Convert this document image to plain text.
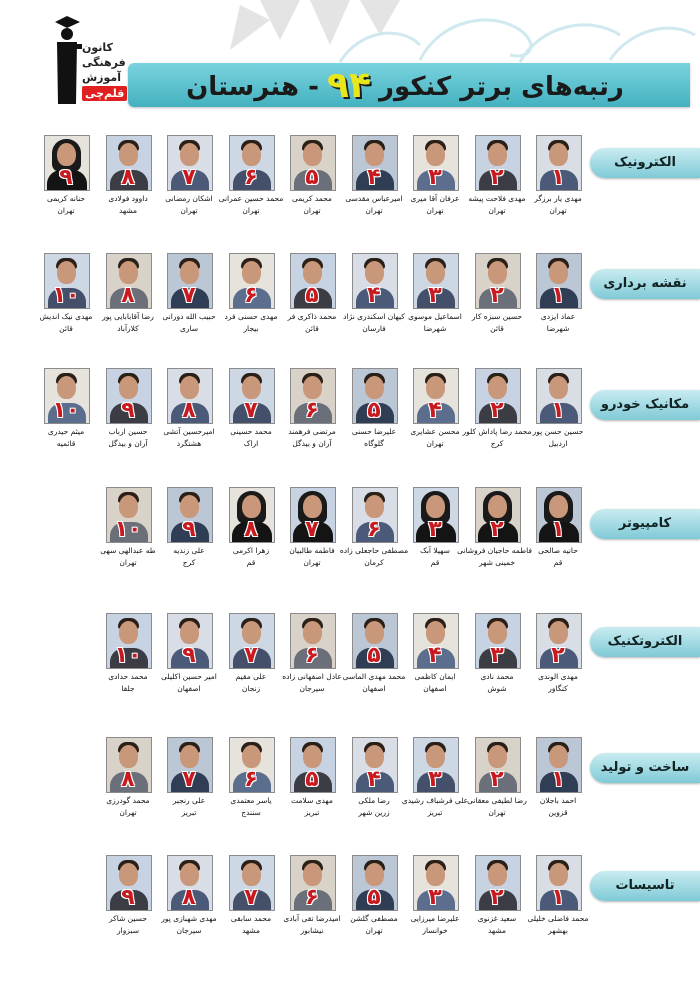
کانون
فرهنگی
آموزش
قلم‌چی	رتبه‌های برتر کنکور ۹۴ - هنرستان
الکترونیک
۱
مهدی یار برزگر
تهران
۲
مهدی فلاحت پیشه
تهران
۳
عرفان آقا میری
تهران
۴
امیرعباس مقدسی
تهران
۵
محمد کریمی
تهران
۶
محمد حسین عمرانی
تهران
۷
اشکان رمضانی
تهران
۸
داوود فولادی
مشهد
۹
حنانه کریمی
تهران
نقشه برداری
۱
عماد ایزدی
شهرضا
۲
حسین سبزه کار
قائن
۳
اسماعیل موسوی
شهرضا
۴
کیهان اسکندری نژاد
فارسان
۵
محمد ذاکری فر
قائن
۶
مهدی حسنی فرد
بیجار
۷
حبیب الله دورانی
ساری
۸
رضا آقابابایی پور
کلارآباد
۱۰
مهدی نیک اندیش
قائن
مکانیک خودرو
۱
حسین حسن پور
اردبیل
۲
محمد رضا پاداش کلور
کرج
۴
محسن عشایری
تهران
۵
علیرضا حسنی
گلوگاه
۶
مرتضی فرهمند
آران و بیدگل
۷
محمد حسینی
اراک
۸
امیرحسین آتشی
هشتگرد
۹
حسین ارباب
آران و بیدگل
۱۰
میثم حیدری
قائمیه
کامپیوتر
۱
حانیه صالحی
قم
۲
فاطمه حاجیان فروشانی
خمینی شهر
۳
سهیلا آبک
قم
۶
مصطفی حاجعلی زاده
کرمان
۷
فاطمه طالبیان
تهران
۸
زهرا اکرمی
قم
۹
علی زندیه
کرج
۱۰
طه عبدالهی سهی
تهران
الکتروتکنیک
۲
مهدی الوندی
کنگاور
۳
محمد نادی
شوش
۴
ایمان کاظمی
اصفهان
۵
محمد مهدی الماسی
اصفهان
۶
عادل اصفهانی زاده
سیرجان
۷
علی مقیم
زنجان
۹
امیر حسین اکلیلی
اصفهان
۱۰
محمد حدادی
جلفا
ساخت و تولید
۱
احمد باجلان
قزوین
۲
رضا لطیفی معقانی
تهران
۳
علی فرشباف رشیدی
تبریز
۴
رضا ملکی
زرین شهر
۵
مهدی سلامت
تبریز
۶
یاسر معتمدی
سنندج
۷
علی رنجبر
تبریز
۸
محمد گودرزی
تهران
تاسیسات
۱
محمد فاضلی خلیلی
بهشهر
۲
سعید غزنوی
مشهد
۳
علیرضا میرزایی
خوانسار
۵
مصطفی گلشن
تهران
۶
امیدرضا تقی آبادی
نیشابور
۷
محمد سابقی
مشهد
۸
مهدی شهبازی پور
سیرجان
۹
حسین شاکر
سبزوار
